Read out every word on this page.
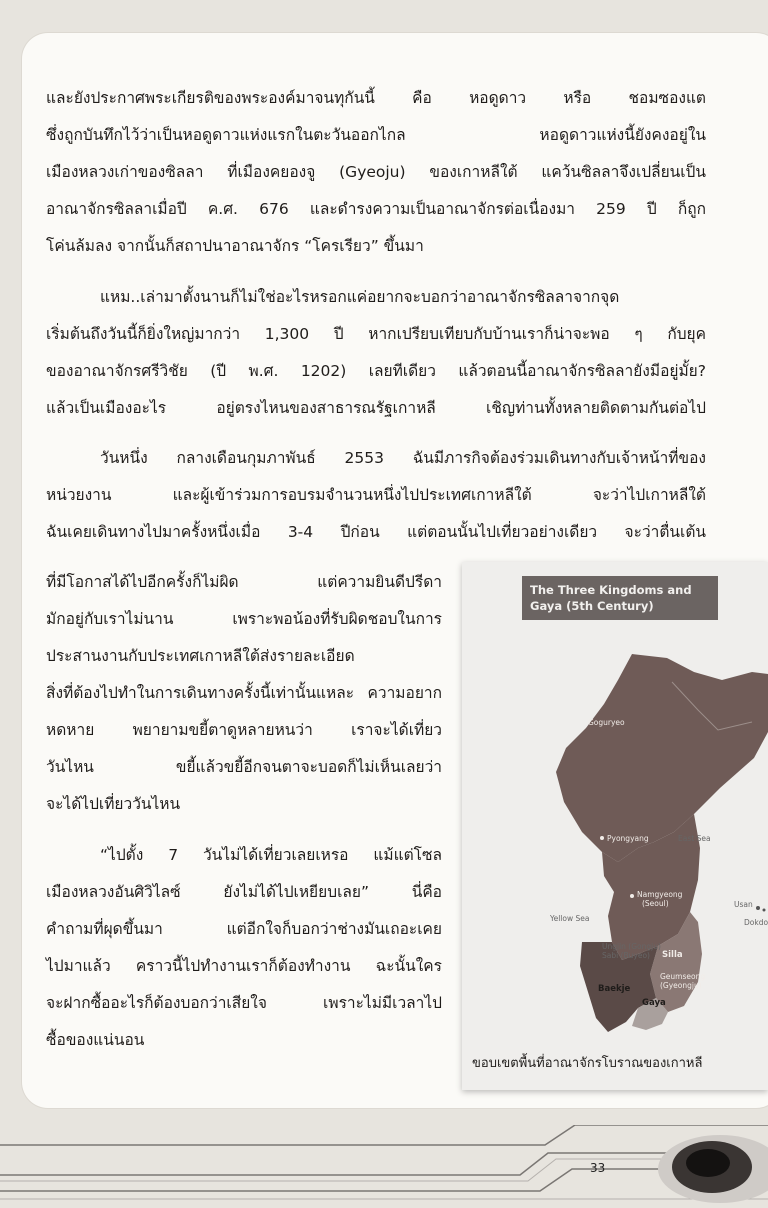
และยังประกาศพระเกียรติของพระองค์มาจนทุกันนี้ คือ หอดูดาว หรือ ชอมซองแต

ซึ่งถูกบันทึกไว้ว่าเป็นหอดูดาวแห่งแรกในตะวันออกไกล หอดูดาวแห่งนี้ยังคงอยู่ใน

เมืองหลวงเก่าของซิลลา ที่เมืองคยองจู (Gyeoju) ของเกาหลีใต้ แคว้นซิลลาจึงเปลี่ยนเป็น

อาณาจักรซิลลาเมื่อปี ค.ศ. 676 และดำรงความเป็นอาณาจักรต่อเนื่องมา 259 ปี ก็ถูก

โค่นล้มลง จากนั้นก็สถาปนาอาณาจักร “โครเรียว” ขึ้นมา

แหม..เล่ามาตั้งนานก็ไม่ใช่อะไรหรอกแค่อยากจะบอกว่าอาณาจักรซิลลาจากจุด

เริ่มต้นถึงวันนี้ก็ยิ่งใหญ่มากว่า 1,300 ปี หากเปรียบเทียบกับบ้านเราก็น่าจะพอ ๆ กับยุค

ของอาณาจักรศรีวิชัย (ปี พ.ศ. 1202) เลยทีเดียว แล้วตอนนี้อาณาจักรซิลลายังมีอยู่มั้ย?

แล้วเป็นเมืองอะไร อยู่ตรงไหนของสาธารณรัฐเกาหลี เชิญท่านทั้งหลายติดตามกันต่อไป

วันหนึ่ง กลางเดือนกุมภาพันธ์ 2553 ฉันมีภารกิจต้องร่วมเดินทางกับเจ้าหน้าที่ของ

หน่วยงาน และผู้เข้าร่วมการอบรมจำนวนหนึ่งไปประเทศเกาหลีใต้ จะว่าไปเกาหลีใต้

ฉันเคยเดินทางไปมาครั้งหนึ่งเมื่อ 3-4 ปีก่อน แต่ตอนนั้นไปเที่ยวอย่างเดียว จะว่าตื่นเต้น

ที่มีโอกาสได้ไปอีกครั้งก็ไม่ผิด แต่ความยินดีปรีดา

มักอยู่กับเราไม่นาน เพราะพอน้องที่รับผิดชอบในการ

ประสานงานกับประเทศเกาหลีใต้ส่งรายละเอียด

สิ่งที่ต้องไปทำในการเดินทางครั้งนี้เท่านั้นแหละ ความอยาก

หดหาย พยายามขยี้ตาดูหลายหนว่า เราจะได้เที่ยว

วันไหน ขยี้แล้วขยี้อีกจนตาจะบอดก็ไม่เห็นเลยว่า

จะได้ไปเที่ยววันไหน

“ไปตั้ง 7 วันไม่ได้เที่ยวเลยเหรอ แม้แต่โซล

เมืองหลวงอันศิวิไลซ์ ยังไม่ได้ไปเหยียบเลย” นี่คือ

คำถามที่ผุดขึ้นมา แต่อีกใจก็บอกว่าช่างมันเถอะเคย

ไปมาแล้ว คราวนี้ไปทำงานเราก็ต้องทำงาน ฉะนั้นใคร

จะฝากซื้ออะไรก็ต้องบอกว่าเสียใจ เพราะไม่มีเวลาไป

ซื้อของแน่นอน

The Three Kingdoms and
Gaya (5th Century)
Goguryeo
Pyongyang	East Sea
Namgyeong
(Seoul)
Yellow Sea
Usan
Dokdo
Ungjin (Gongju)
Sabi (Buyeo) Silla
Geumseong
(Gyeongju)
Baekje
Gaya
ขอบเขตพื้นที่อาณาจักรโบราณของเกาหลี
33
